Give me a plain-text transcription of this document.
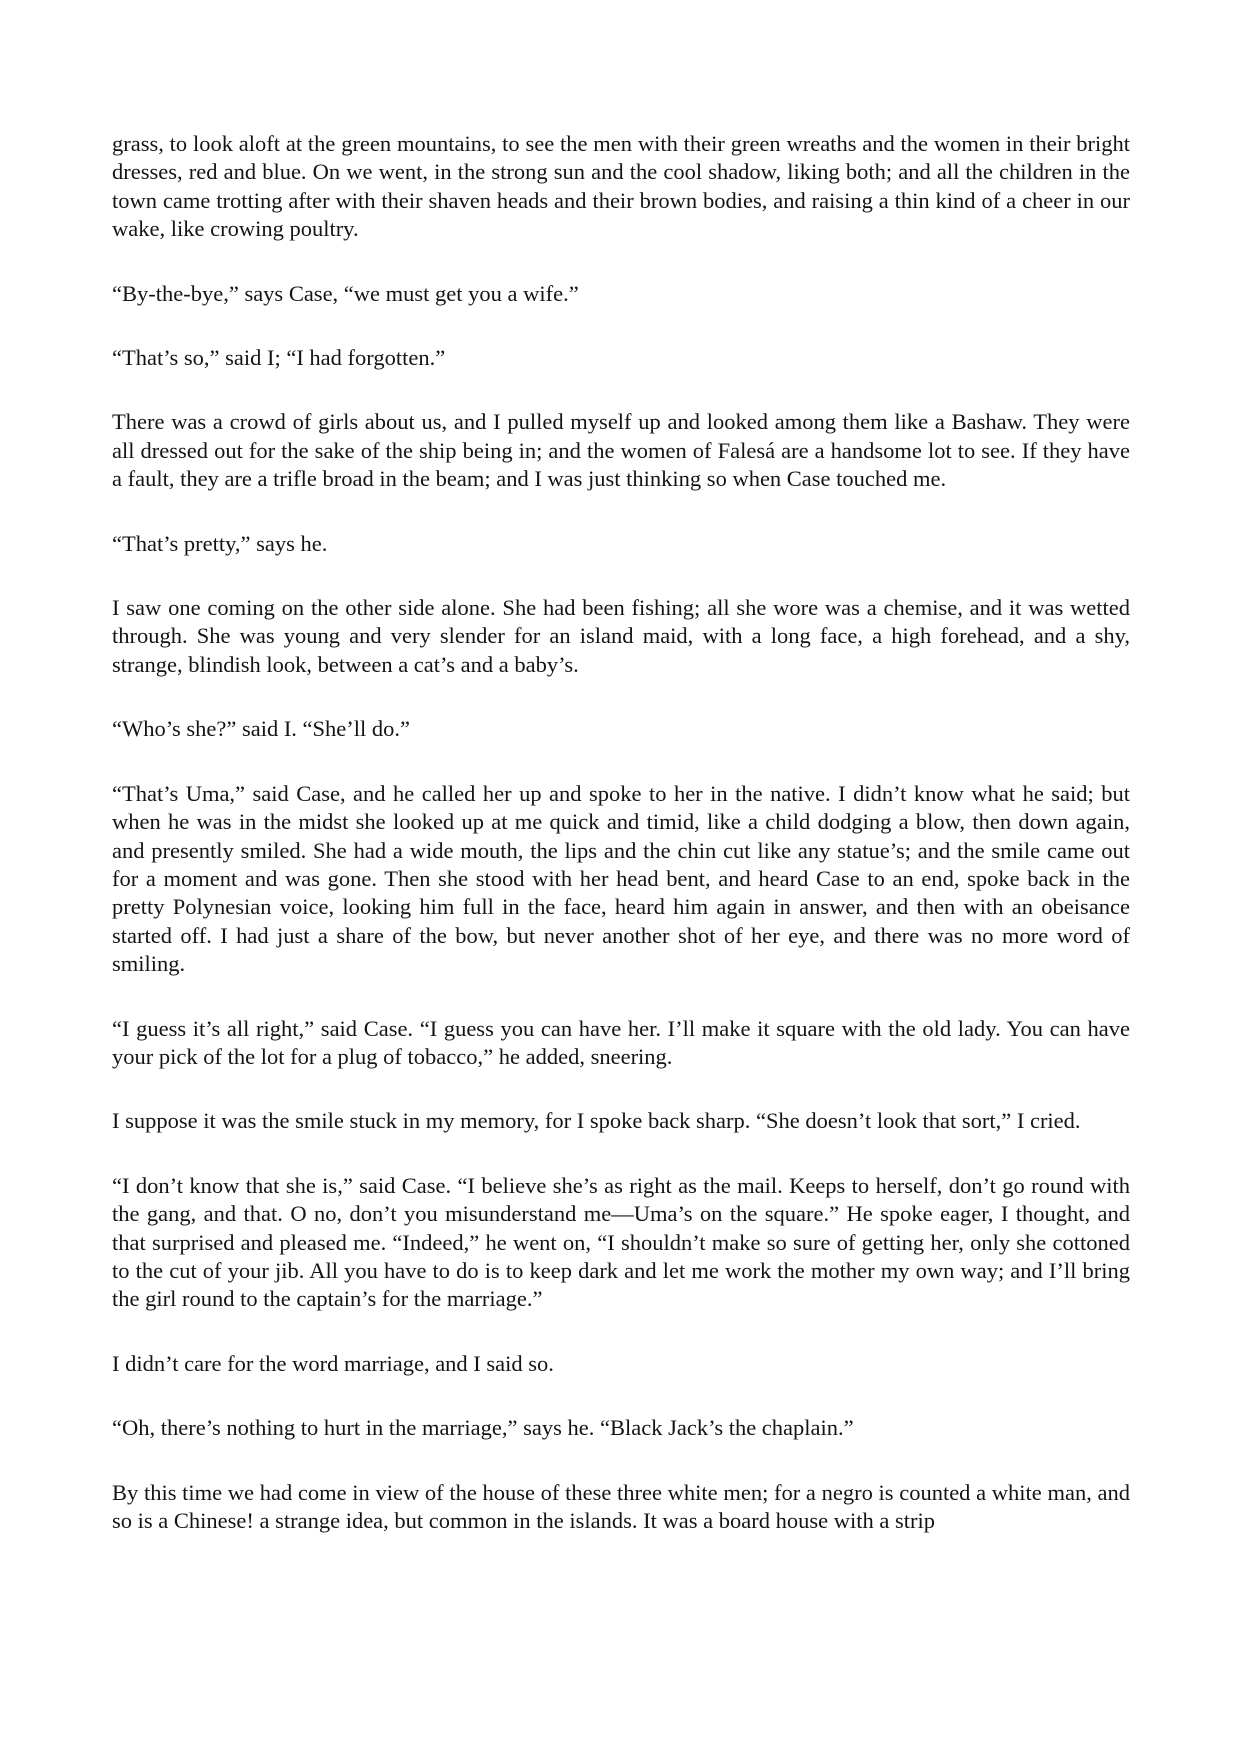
grass, to look aloft at the green mountains, to see the men with their green wreaths and the women in their bright dresses, red and blue. On we went, in the strong sun and the cool shadow, liking both; and all the children in the town came trotting after with their shaven heads and their brown bodies, and raising a thin kind of a cheer in our wake, like crowing poultry.

“By-the-bye,” says Case, “we must get you a wife.”

“That’s so,” said I; “I had forgotten.”

There was a crowd of girls about us, and I pulled myself up and looked among them like a Bashaw. They were all dressed out for the sake of the ship being in; and the women of Falesá are a handsome lot to see. If they have a fault, they are a trifle broad in the beam; and I was just thinking so when Case touched me.

“That’s pretty,” says he.

I saw one coming on the other side alone. She had been fishing; all she wore was a chemise, and it was wetted through. She was young and very slender for an island maid, with a long face, a high forehead, and a shy, strange, blindish look, between a cat’s and a baby’s.

“Who’s she?” said I. “She’ll do.”

“That’s Uma,” said Case, and he called her up and spoke to her in the native. I didn’t know what he said; but when he was in the midst she looked up at me quick and timid, like a child dodging a blow, then down again, and presently smiled. She had a wide mouth, the lips and the chin cut like any statue’s; and the smile came out for a moment and was gone. Then she stood with her head bent, and heard Case to an end, spoke back in the pretty Polynesian voice, looking him full in the face, heard him again in answer, and then with an obeisance started off. I had just a share of the bow, but never another shot of her eye, and there was no more word of smiling.

“I guess it’s all right,” said Case. “I guess you can have her. I’ll make it square with the old lady. You can have your pick of the lot for a plug of tobacco,” he added, sneering.

I suppose it was the smile stuck in my memory, for I spoke back sharp. “She doesn’t look that sort,” I cried.

“I don’t know that she is,” said Case. “I believe she’s as right as the mail. Keeps to herself, don’t go round with the gang, and that. O no, don’t you misunderstand me—Uma’s on the square.” He spoke eager, I thought, and that surprised and pleased me. “Indeed,” he went on, “I shouldn’t make so sure of getting her, only she cottoned to the cut of your jib. All you have to do is to keep dark and let me work the mother my own way; and I’ll bring the girl round to the captain’s for the marriage.”

I didn’t care for the word marriage, and I said so.

“Oh, there’s nothing to hurt in the marriage,” says he. “Black Jack’s the chaplain.”

By this time we had come in view of the house of these three white men; for a negro is counted a white man, and so is a Chinese! a strange idea, but common in the islands. It was a board house with a strip
